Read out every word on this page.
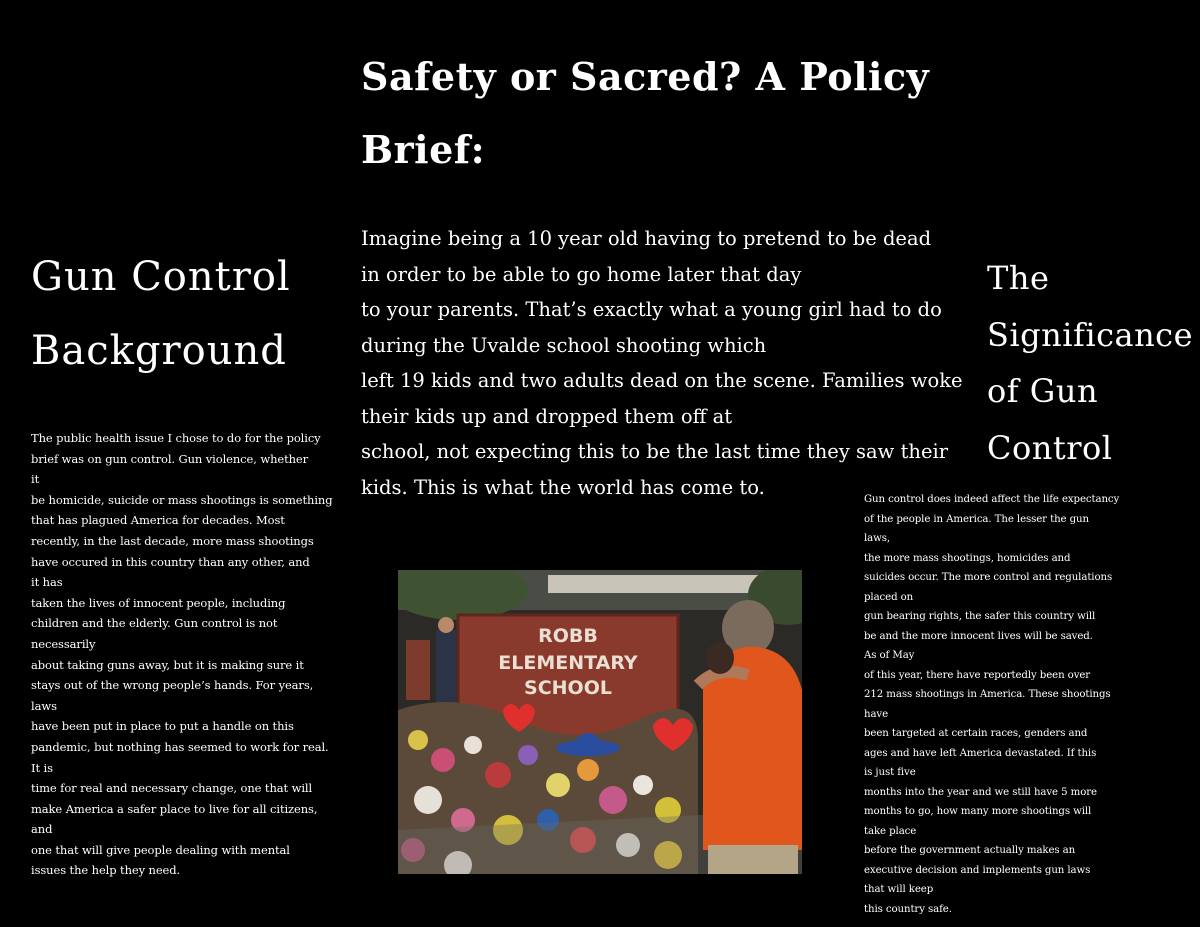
Safety or Sacred? A Policy
Brief:
Imagine being a 10 year old having to pretend to be dead
in order to be able to go home later that day
to your parents. That’s exactly what a young girl had to do
during the Uvalde school shooting which
left 19 kids and two adults dead on the scene. Families woke
their kids up and dropped them off at
school, not expecting this to be the last time they saw their
kids. This is what the world has come to.
Gun Control
Background
The public health issue I chose to do for the policy
brief was on gun control. Gun violence, whether
it
be homicide, suicide or mass shootings is something
that has plagued America for decades. Most
recently, in the last decade, more mass shootings
have occured in this country than any other, and
it has
taken the lives of innocent people, including
children and the elderly. Gun control is not
necessarily
about taking guns away, but it is making sure it
stays out of the wrong people’s hands. For years,
laws
have been put in place to put a handle on this
pandemic, but nothing has seemed to work for real.
It is
time for real and necessary change, one that will
make America a safer place to live for all citizens,
and
one that will give people dealing with mental
issues the help they need.
The
Significance
of Gun
Control
Gun control does indeed affect the life expectancy
of the people in America. The lesser the gun
laws,
the more mass shootings, homicides and
suicides occur. The more control and regulations
placed on
gun bearing rights, the safer this country will
be and the more innocent lives will be saved.
As of May
of this year, there have reportedly been over
212 mass shootings in America. These shootings
have
been targeted at certain races, genders and
ages and have left America devastated. If this
is just five
months into the year and we still have 5 more
months to go, how many more shootings will
take place
before the government actually makes an
executive decision and implements gun laws
that will keep
this country safe.
ROBB
ELEMENTARY
SCHOOL
